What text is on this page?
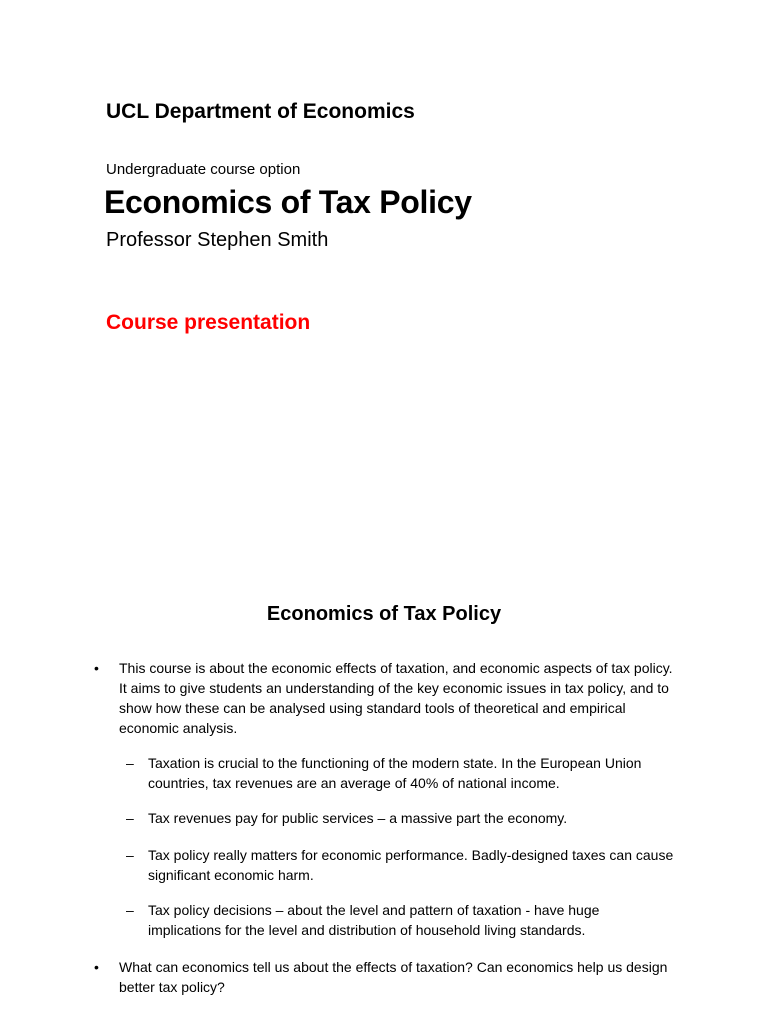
UCL Department of Economics
Undergraduate course option
Economics of Tax Policy
Professor Stephen Smith
Course presentation
Economics of Tax Policy
• This course is about the economic effects of taxation, and economic aspects of tax policy. It aims to give students an understanding of the key economic issues in tax policy, and to show how these can be analysed using standard tools of theoretical and empirical economic analysis.
– Taxation is crucial to the functioning of the modern state. In the European Union countries, tax revenues are an average of 40% of national income.
– Tax revenues pay for public services – a massive part the economy.
– Tax policy really matters for economic performance. Badly-designed taxes can cause significant economic harm.
– Tax policy decisions – about the level and pattern of taxation - have huge implications for the level and distribution of household living standards.
• What can economics tell us about the effects of taxation? Can economics help us design better tax policy?
